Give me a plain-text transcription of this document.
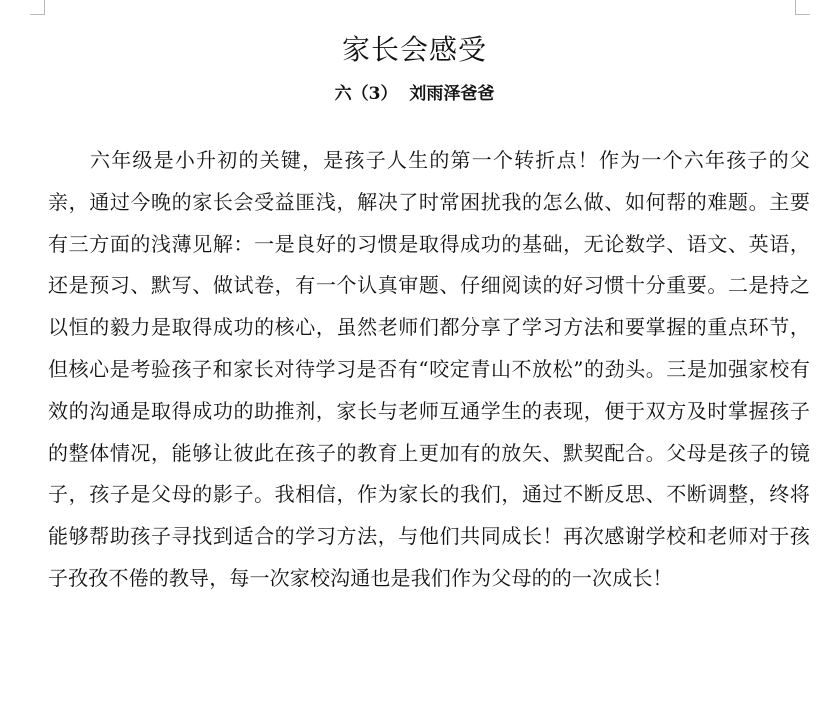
家长会感受
六（3）  刘雨泽爸爸

六年级是小升初的关键，是孩子人生的第一个转折点！作为一个六年孩子的父亲，通过今晚的家长会受益匪浅，解决了时常困扰我的怎么做、如何帮的难题。主要有三方面的浅薄见解：一是良好的习惯是取得成功的基础，无论数学、语文、英语，还是预习、默写、做试卷，有一个认真审题、仔细阅读的好习惯十分重要。二是持之以恒的毅力是取得成功的核心，虽然老师们都分享了学习方法和要掌握的重点环节，但核心是考验孩子和家长对待学习是否有“咬定青山不放松”的劲头。三是加强家校有效的沟通是取得成功的助推剂，家长与老师互通学生的表现，便于双方及时掌握孩子的整体情况，能够让彼此在孩子的教育上更加有的放矢、默契配合。父母是孩子的镜子，孩子是父母的影子。我相信，作为家长的我们，通过不断反思、不断调整，终将能够帮助孩子寻找到适合的学习方法，与他们共同成长！再次感谢学校和老师对于孩子孜孜不倦的教导，每一次家校沟通也是我们作为父母的的一次成长！
